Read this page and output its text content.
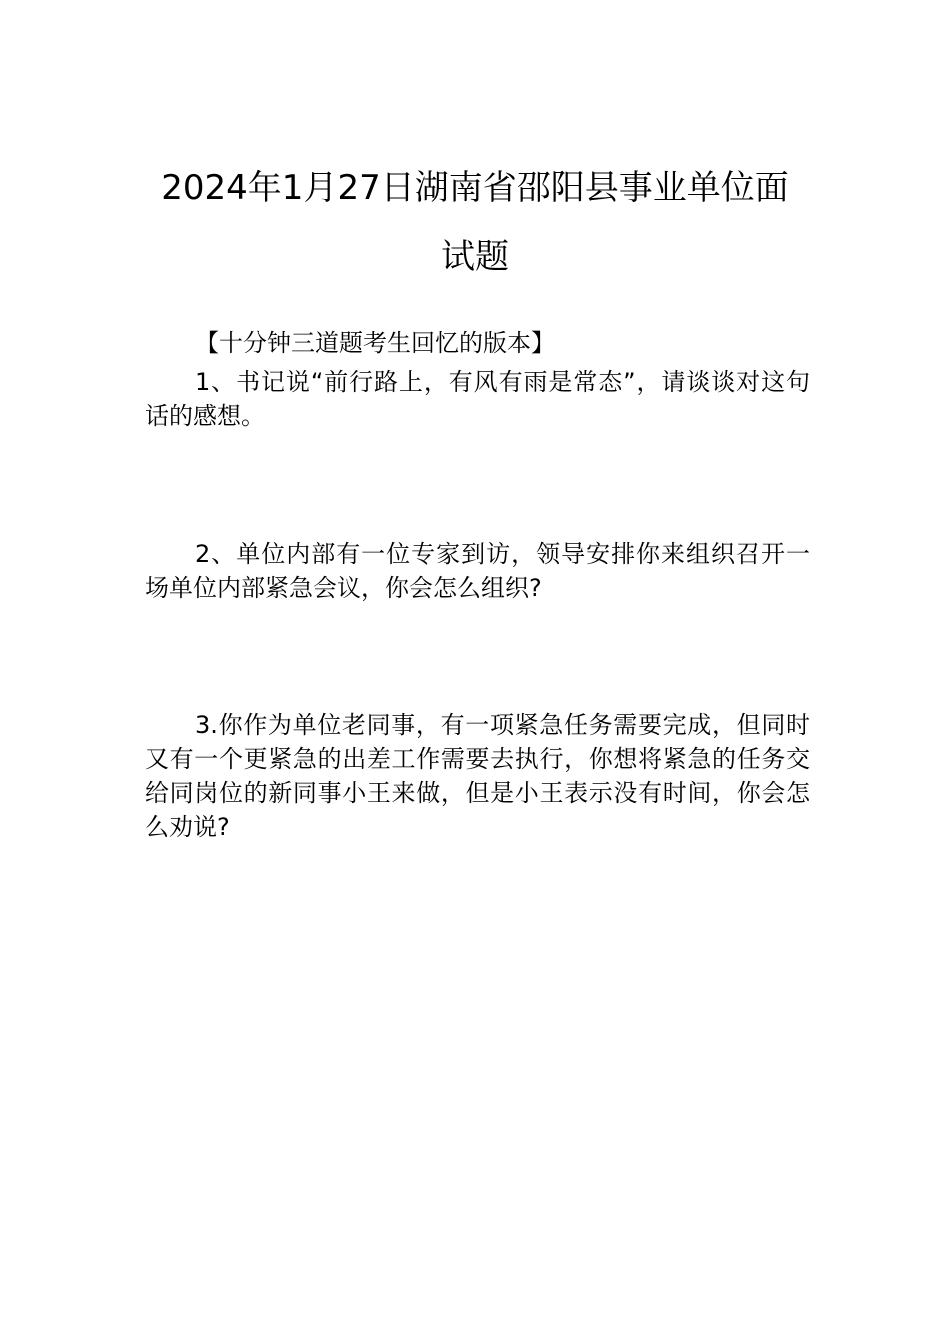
2024年1月27日湖南省邵阳县事业单位面
试题
【十分钟三道题考生回忆的版本】
1、书记说“前行路上，有风有雨是常态”，请谈谈对这句话的感想。
2、单位内部有一位专家到访，领导安排你来组织召开一场单位内部紧急会议，你会怎么组织?
3.你作为单位老同事，有一项紧急任务需要完成，但同时又有一个更紧急的出差工作需要去执行，你想将紧急的任务交给同岗位的新同事小王来做，但是小王表示没有时间，你会怎么劝说?
